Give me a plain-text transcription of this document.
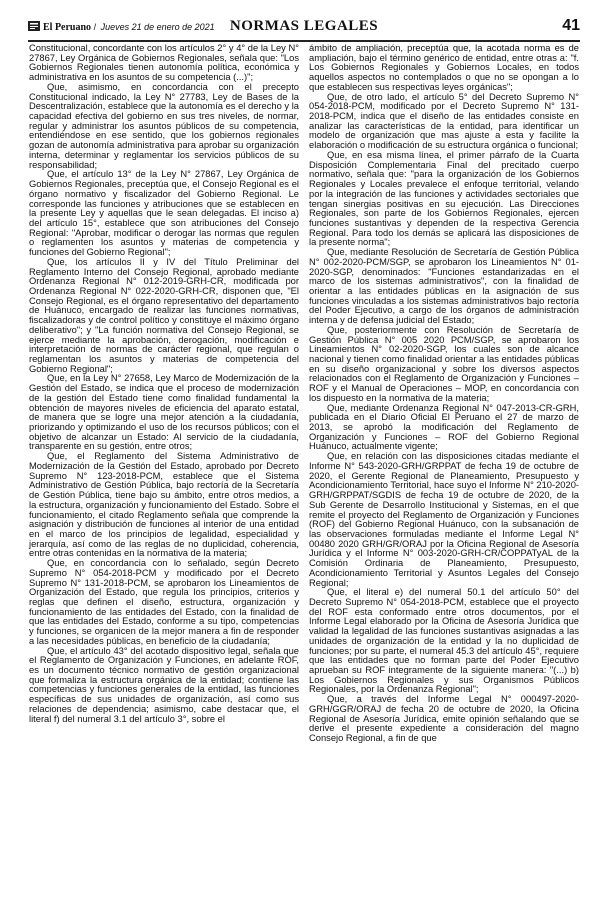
El Peruano / Jueves 21 de enero de 2021	NORMAS LEGALES	41

Constitucional, concordante con los artículos 2° y 4° de la Ley N° 27867, Ley Orgánica de Gobiernos Regionales, señala que: "Los Gobiernos Regionales tienen autonomía política, económica y administrativa en los asuntos de su competencia (...)";

Que, asimismo, en concordancia con el precepto Constitucional indicado, la Ley N° 27783, Ley de Bases de la Descentralización, establece que la autonomía es el derecho y la capacidad efectiva del gobierno en sus tres niveles, de normar, regular y administrar los asuntos públicos de su competencia, entendiéndose en ese sentido, que los gobiernos regionales gozan de autonomía administrativa para aprobar su organización interna, determinar y reglamentar los servicios públicos de su responsabilidad;

Que, el artículo 13° de la Ley N° 27867, Ley Orgánica de Gobiernos Regionales, preceptúa que, el Consejo Regional es el órgano normativo y fiscalizador del Gobierno Regional. Le corresponde las funciones y atribuciones que se establecen en la presente Ley y aquellas que le sean delegadas. El inciso a) del artículo 15°, establece que son atribuciones del Consejo Regional: "Aprobar, modificar o derogar las normas que regulen o reglamenten los asuntos y materias de competencia y funciones del Gobierno Regional";

Que, los artículos II y IV del Título Preliminar del Reglamento Interno del Consejo Regional, aprobado mediante Ordenanza Regional N° 012-2019-GRH-CR, modificada por Ordenanza Regional N° 022-2020-GRH-CR, disponen que, "El Consejo Regional, es el órgano representativo del departamento de Huánuco, encargado de realizar las funciones normativas, fiscalizadoras y de control político y constituye el máximo órgano deliberativo"; y "La función normativa del Consejo Regional, se ejerce mediante la aprobación, derogación, modificación e interpretación de normas de carácter regional, que regulan o reglamentan los asuntos y materias de competencia del Gobierno Regional";

Que, en la Ley N° 27658, Ley Marco de Modernización de la Gestión del Estado, se indica que el proceso de modernización de la gestión del Estado tiene como finalidad fundamental la obtención de mayores niveles de eficiencia del aparato estatal, de manera que se logre una mejor atención a la ciudadanía, priorizando y optimizando el uso de los recursos públicos; con el objetivo de alcanzar un Estado: Al servicio de la ciudadanía, transparente en su gestión, entre otros;

Que, el Reglamento del Sistema Administrativo de Modernización de la Gestión del Estado, aprobado por Decreto Supremo N° 123-2018-PCM, establece que el Sistema Administrativo de Gestión Pública, bajo rectoría de la Secretaría de Gestión Pública, tiene bajo su ámbito, entre otros medios, a la estructura, organización y funcionamiento del Estado. Sobre el funcionamiento, el citado Reglamento señala que comprende la asignación y distribución de funciones al interior de una entidad en el marco de los principios de legalidad, especialidad y jerarquía, así como de las reglas de no duplicidad, coherencia, entre otras contenidas en la normativa de la materia;

Que, en concordancia con lo señalado, según Decreto Supremo N° 054-2018-PCM y modificado por el Decreto Supremo N° 131-2018-PCM, se aprobaron los Lineamientos de Organización del Estado, que regula los principios, criterios y reglas que definen el diseño, estructura, organización y funcionamiento de las entidades del Estado, con la finalidad de que las entidades del Estado, conforme a su tipo, competencias y funciones, se organicen de la mejor manera a fin de responder a las necesidades públicas, en beneficio de la ciudadanía;

Que, el artículo 43° del acotado dispositivo legal, señala que el Reglamento de Organización y Funciones, en adelante ROF, es un documento técnico normativo de gestión organizacional que formaliza la estructura orgánica de la entidad; contiene las competencias y funciones generales de la entidad, las funciones específicas de sus unidades de organización, así como sus relaciones de dependencia; asimismo, cabe destacar que, el literal f) del numeral 3.1 del artículo 3°, sobre el

ámbito de ampliación, preceptúa que, la acotada norma es de ampliación, bajo el término genérico de entidad, entre otras a: "f. Los Gobiernos Regionales y Gobiernos Locales, en todos aquellos aspectos no contemplados o que no se opongan a lo que establecen sus respectivas leyes orgánicas";

Que, de otro lado, el artículo 5° del Decreto Supremo N° 054-2018-PCM, modificado por el Decreto Supremo N° 131-2018-PCM, indica que el diseño de las entidades consiste en analizar las características de la entidad, para identificar un modelo de organización que mas ajuste a esta y facilite la elaboración o modificación de su estructura orgánica o funcional;

Que, en esa misma línea, el primer párrafo de la Cuarta Disposición Complementaria Final del precitado cuerpo normativo, señala que: "para la organización de los Gobiernos Regionales y Locales prevalece el enfoque territorial, velando por la integración de las funciones y actividades sectoriales que tengan sinergias positivas en su ejecución. Las Direcciones Regionales, son parte de los Gobiernos Regionales, ejercen funciones sustantivas y dependen de la respectiva Gerencia Regional. Para todo los demás se aplicará las disposiciones de la presente norma";

Que, mediante Resolución de Secretaría de Gestión Pública N° 002-2020-PCM/SGP, se aprobaron los Lineamientos N° 01-2020-SGP, denominados: "Funciones estandarizadas en el marco de los sistemas administrativos", con la finalidad de orientar a las entidades públicas en la asignación de sus funciones vinculadas a los sistemas administrativos bajo rectoría del Poder Ejecutivo, a cargo de los órganos de administración interna y de defensa judicial del Estado;

Que, posteriormente con Resolución de Secretaría de Gestión Pública N° 005 2020 PCM/SGP, se aprobaron los Lineamientos N° 02-2020-SGP, los cuales son de alcance nacional y tienen como finalidad orientar a las entidades públicas en su diseño organizacional y sobre los diversos aspectos relacionados con el Reglamento de Organización y Funciones – ROF y el Manual de Operaciones – MOP, en concordancia con los dispuesto en la normativa de la materia;

Que, mediante Ordenanza Regional N° 047-2013-CR-GRH, publicada en el Diario Oficial El Peruano el 27 de marzo de 2013, se aprobó la modificación del Reglamento de Organización y Funciones – ROF del Gobierno Regional Huánuco, actualmente vigente;

Que, en relación con las disposiciones citadas mediante el Informe N° 543-2020-GRH/GRPPAT de fecha 19 de octubre de 2020, el Gerente Regional de Planeamiento, Presupuesto y Acondicionamiento Territorial, hace suyo el Informe N° 210-2020-GRH/GRPPAT/SGDIS de fecha 19 de octubre de 2020, de la Sub Gerente de Desarrollo Institucional y Sistemas, en el que remite el proyecto del Reglamento de Organización y Funciones (ROF) del Gobierno Regional Huánuco, con la subsanación de las observaciones formuladas mediante el Informe Legal N° 00480 2020 GRH/GR/ORAJ por la Oficina Regional de Asesoría Jurídica y el Informe N° 003-2020-GRH-CR/COPPATyAL de la Comisión Ordinaria de Planeamiento, Presupuesto, Acondicionamiento Territorial y Asuntos Legales del Consejo Regional;

Que, el literal e) del numeral 50.1 del artículo 50° del Decreto Supremo N° 054-2018-PCM, establece que el proyecto del ROF esta conformado entre otros documentos, por el Informe Legal elaborado por la Oficina de Asesoría Jurídica que validad la legalidad de las funciones sustantivas asignadas a las unidades de organización de la entidad y la no duplicidad de funciones; por su parte, el numeral 45.3 del artículo 45°, requiere que las entidades que no forman parte del Poder Ejecutivo aprueban su ROF integramente de la siguiente manera: "(...) b) Los Gobiernos Regionales y sus Organismos Públicos Regionales, por la Ordenanza Regional";

Que, a través del Informe Legal N° 000497-2020-GRH/GGR/ORAJ de fecha 20 de octubre de 2020, la Oficina Regional de Asesoría Jurídica, emite opinión señalando que se derive el presente expediente a consideración del magno Consejo Regional, a fin de que
